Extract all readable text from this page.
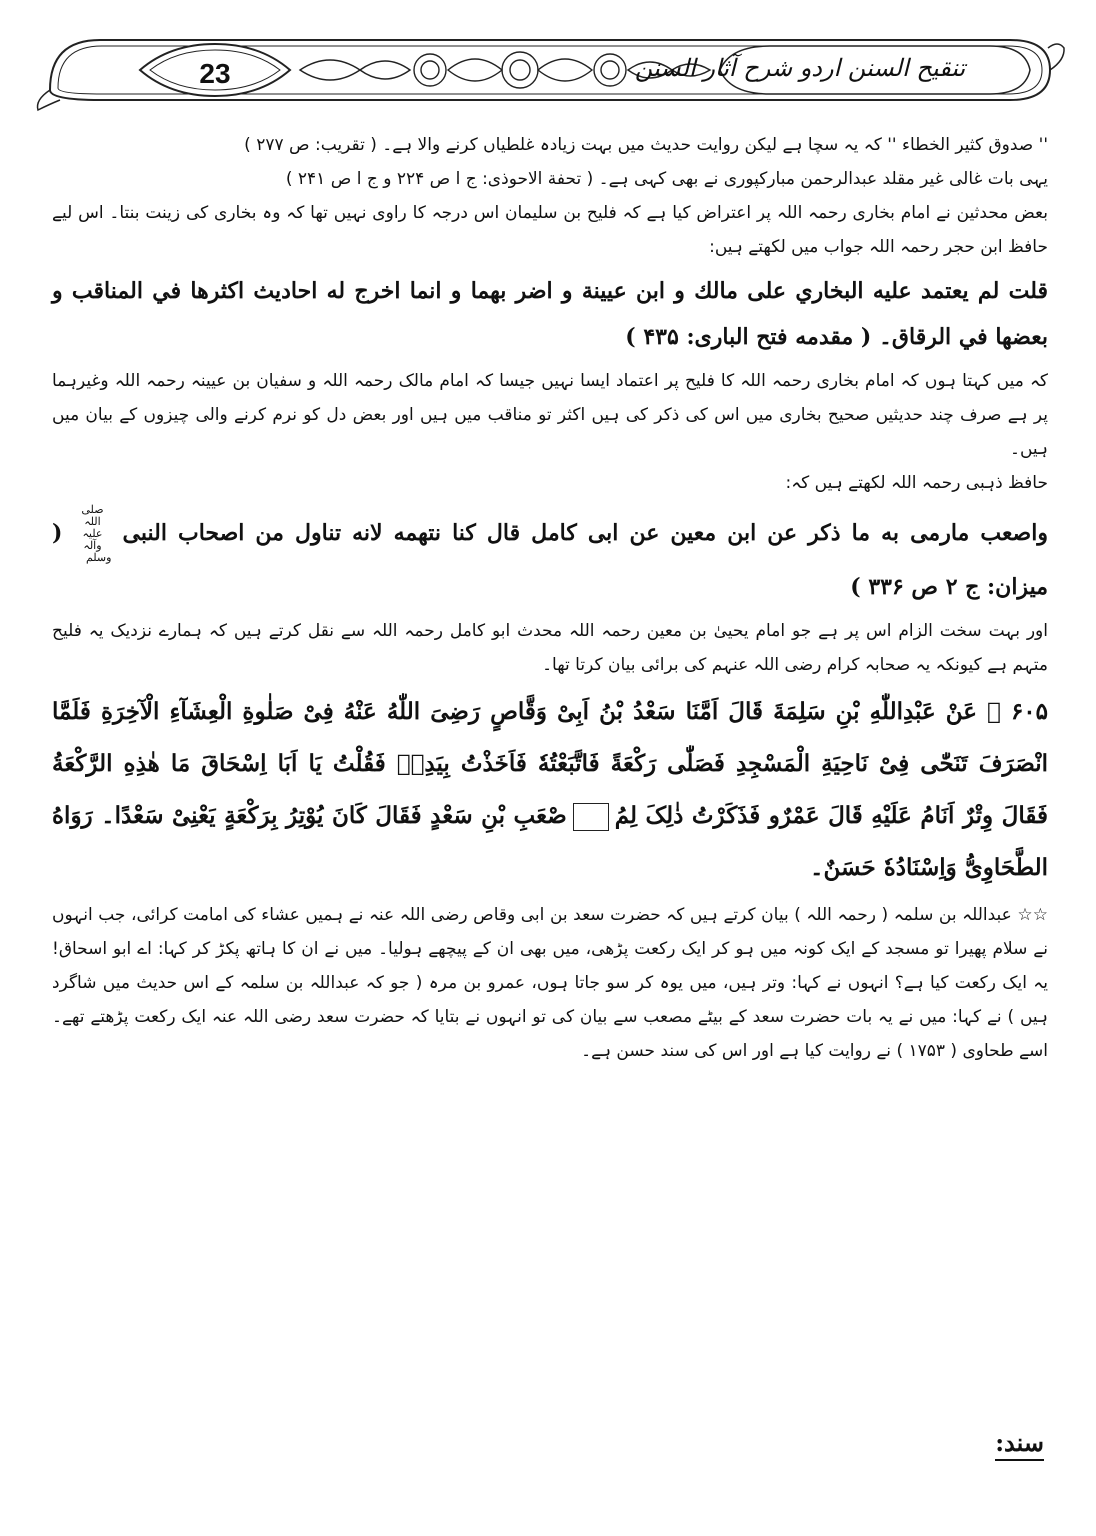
23	تنقیح السنن اردو شرح آثار السنن

'' صدوق كثير الخطاء '' کہ یہ سچا ہے لیکن روایت حدیث میں بہت زیادہ غلطیاں کرنے والا ہے۔ ( تقریب: ص ۲۷۷ )

یہی بات غالی غیر مقلد عبدالرحمن مبارکپوری نے بھی کہی ہے۔ ( تحفة الاحوذی: ج ا ص ۲۲۴ و ج ا ص ۲۴۱ )

بعض محدثین نے امام بخاری رحمہ اللہ پر اعتراض کیا ہے کہ فلیح بن سلیمان اس درجہ کا راوی نہیں تھا کہ وہ بخاری کی زینت بنتا۔ اس لیے حافظ ابن حجر رحمہ اللہ جواب میں لکھتے ہیں:

قلت لم يعتمد عليه البخاري على مالك و ابن عيينة و اضر بهما و انما اخرج له احاديث اكثرها في المناقب و بعضها في الرقاق۔ ( مقدمه فتح الباری: ۴۳۵ )

کہ میں کہتا ہوں کہ امام بخاری رحمہ اللہ کا فلیح پر اعتماد ایسا نہیں جیسا کہ امام مالک رحمہ اللہ و سفیان بن عیینہ رحمہ اللہ وغیرہما پر ہے صرف چند حدیثیں صحیح بخاری میں اس کی ذکر کی ہیں اکثر تو مناقب میں ہیں اور بعض دل کو نرم کرنے والی چیزوں کے بیان میں ہیں۔

حافظ ذہبی رحمہ اللہ لکھتے ہیں کہ:

واصعب مارمى به ما ذكر عن ابن معين عن ابى كامل قال كنا نتهمه لانه تناول من اصحاب النبى صلی اللہ علیہ وآلہ وسلم ( میزان: ج ۲ ص ۳۳۶ )

اور بہت سخت الزام اس پر ہے جو امام یحییٰ بن معین رحمہ اللہ محدث ابو کامل رحمہ اللہ سے نقل کرتے ہیں کہ ہمارے نزدیک یہ فلیح متہم ہے کیونکہ یہ صحابہ کرام رضی اللہ عنہم کی برائی بیان کرتا تھا۔

۶۰۵ ۔ عَنْ عَبْدِاللّٰهِ بْنِ سَلِمَةَ قَالَ اَمَّنَا سَعْدُ بْنُ اَبِیْ وَقَّاصٍ رَضِیَ اللّٰهُ عَنْهُ فِیْ صَلٰوةِ الْعِشَآءِ الْآخِرَةِ فَلَمَّا انْصَرَفَ تَنَحّٰی فِیْ نَاحِیَةِ الْمَسْجِدِ فَصَلّٰی رَکْعَةً فَاتَّبَعْتُهٗ فَاَخَذْتُ بِیَدِهٖ فَقُلْتُ یَا اَبَا اِسْحَاقَ مَا هٰذِهِ الرَّکْعَةُ فَقَالَ وِتْرٌ اَنَامُ عَلَیْهِ قَالَ عَمْرٌو فَذَکَرْتُ ذٰلِکَ لِمُصْعَبِ بْنِ سَعْدٍ فَقَالَ کَانَ یُوْتِرُ بِرَکْعَةٍ یَعْنِیْ سَعْدًا۔ رَوَاهُ الطَّحَاوِیُّ وَاِسْنَادُهٗ حَسَنٌ۔

☆☆ عبداللہ بن سلمہ ( رحمہ اللہ ) بیان کرتے ہیں کہ حضرت سعد بن ابی وقاص رضی اللہ عنہ نے ہمیں عشاء کی امامت کرائی، جب انہوں نے سلام پھیرا تو مسجد کے ایک کونہ میں ہو کر ایک رکعت پڑھی، میں بھی ان کے پیچھے ہولیا۔ میں نے ان کا ہاتھ پکڑ کر کہا: اے ابو اسحاق! یہ ایک رکعت کیا ہے؟ انہوں نے کہا: وتر ہیں، میں یوہ کر سو جاتا ہوں، عمرو بن مرہ ( جو کہ عبداللہ بن سلمہ کے اس حدیث میں شاگرد ہیں ) نے کہا: میں نے یہ بات حضرت سعد کے بیٹے مصعب سے بیان کی تو انہوں نے بتایا کہ حضرت سعد رضی اللہ عنہ ایک رکعت پڑھتے تھے۔ اسے طحاوی ( ۱۷۵۳ ) نے روایت کیا ہے اور اس کی سند حسن ہے۔

سند:
